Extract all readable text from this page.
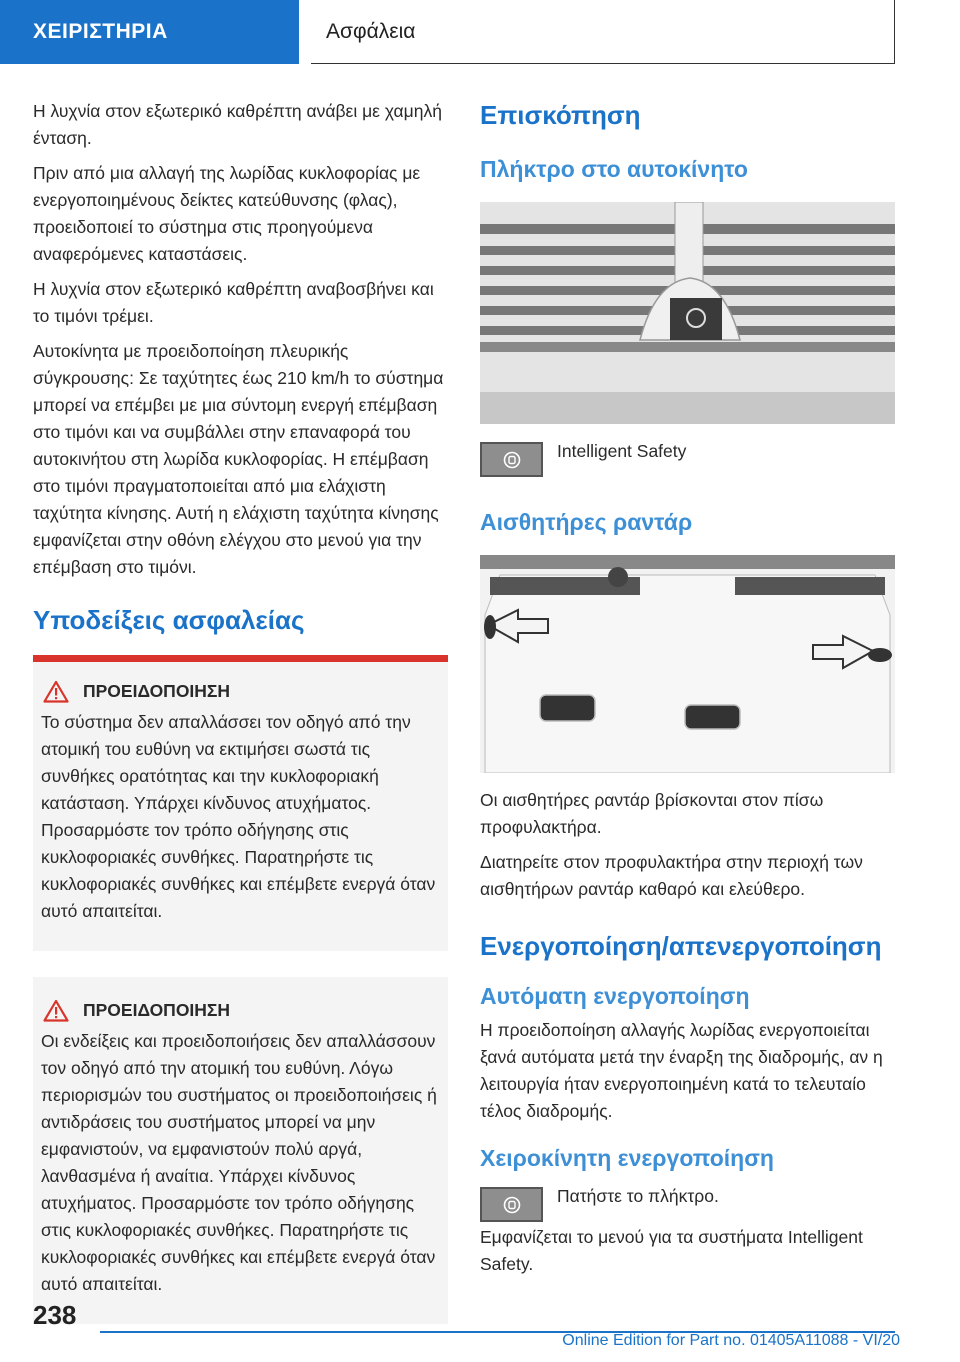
ΧΕΙΡΙΣΤΗΡΙΑ	Ασφάλεια

Η λυχνία στον εξωτερικό καθρέπτη ανάβει με χαμηλή ένταση.

Πριν από μια αλλαγή της λωρίδας κυκλοφορίας με ενεργοποιημένους δείκτες κατεύθυνσης (φλας), προειδοποιεί το σύστημα στις προηγούμενα αναφερόμενες καταστάσεις.

Η λυχνία στον εξωτερικό καθρέπτη αναβοσβήνει και το τιμόνι τρέμει.

Αυτοκίνητα με προειδοποίηση πλευρικής σύγκρουσης: Σε ταχύτητες έως 210 km/h το σύστημα μπορεί να επέμβει με μια σύντομη ενεργή επέμβαση στο τιμόνι και να συμβάλλει στην επαναφορά του αυτοκινήτου στη λωρίδα κυκλοφορίας. Η επέμβαση στο τιμόνι πραγματοποιείται από μια ελάχιστη ταχύτητα κίνησης. Αυτή η ελάχιστη ταχύτητα κίνησης εμφανίζεται στην οθόνη ελέγχου στο μενού για την επέμβαση στο τιμόνι.

Υποδείξεις ασφαλείας
ΠΡΟΕΙΔΟΠΟΙΗΣΗ
Το σύστημα δεν απαλλάσσει τον οδηγό από την ατομική του ευθύνη να εκτιμήσει σωστά τις συνθήκες ορατότητας και την κυκλοφοριακή κατάσταση. Υπάρχει κίνδυνος ατυχήματος. Προσαρμόστε τον τρόπο οδήγησης στις κυκλοφοριακές συνθήκες. Παρατηρήστε τις κυκλοφοριακές συνθήκες και επέμβετε ενεργά όταν αυτό απαιτείται.
ΠΡΟΕΙΔΟΠΟΙΗΣΗ
Οι ενδείξεις και προειδοποιήσεις δεν απαλλάσσουν τον οδηγό από την ατομική του ευθύνη. Λόγω περιορισμών του συστήματος οι προειδοποιήσεις ή αντιδράσεις του συστήματος μπορεί να μην εμφανιστούν, να εμφανιστούν πολύ αργά, λανθασμένα ή αναίτια. Υπάρχει κίνδυνος ατυχήματος. Προσαρμόστε τον τρόπο οδήγησης στις κυκλοφοριακές συνθήκες. Παρατηρήστε τις κυκλοφοριακές συνθήκες και επέμβετε ενεργά όταν αυτό απαιτείται.
Επισκόπηση
Πλήκτρο στο αυτοκίνητο
Intelligent Safety
Αισθητήρες ραντάρ

Οι αισθητήρες ραντάρ βρίσκονται στον πίσω προφυλακτήρα.

Διατηρείτε στον προφυλακτήρα στην περιοχή των αισθητήρων ραντάρ καθαρό και ελεύθερο.

Ενεργοποίηση/απενεργοποίηση
Αυτόματη ενεργοποίηση

Η προειδοποίηση αλλαγής λωρίδας ενεργοποιείται ξανά αυτόματα μετά την έναρξη της διαδρομής, αν η λειτουργία ήταν ενεργοποιημένη κατά το τελευταίο τέλος διαδρομής.

Χειροκίνητη ενεργοποίηση
Πατήστε το πλήκτρο.

Εμφανίζεται το μενού για τα συστήματα Intelligent Safety.

238
Online Edition for Part no. 01405A11088 - VI/20
